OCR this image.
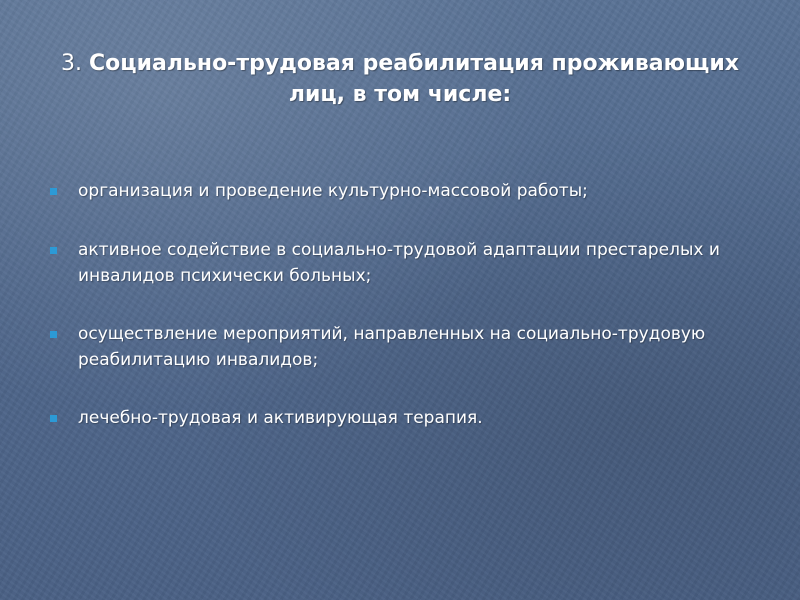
3. Социально-трудовая реабилитация проживающих лиц, в том числе:
организация и проведение культурно-массовой работы;
активное содействие в социально-трудовой адаптации престарелых и инвалидов психически больных;
осуществление мероприятий, направленных на социально-трудовую реабилитацию инвалидов;
лечебно-трудовая и активирующая терапия.
